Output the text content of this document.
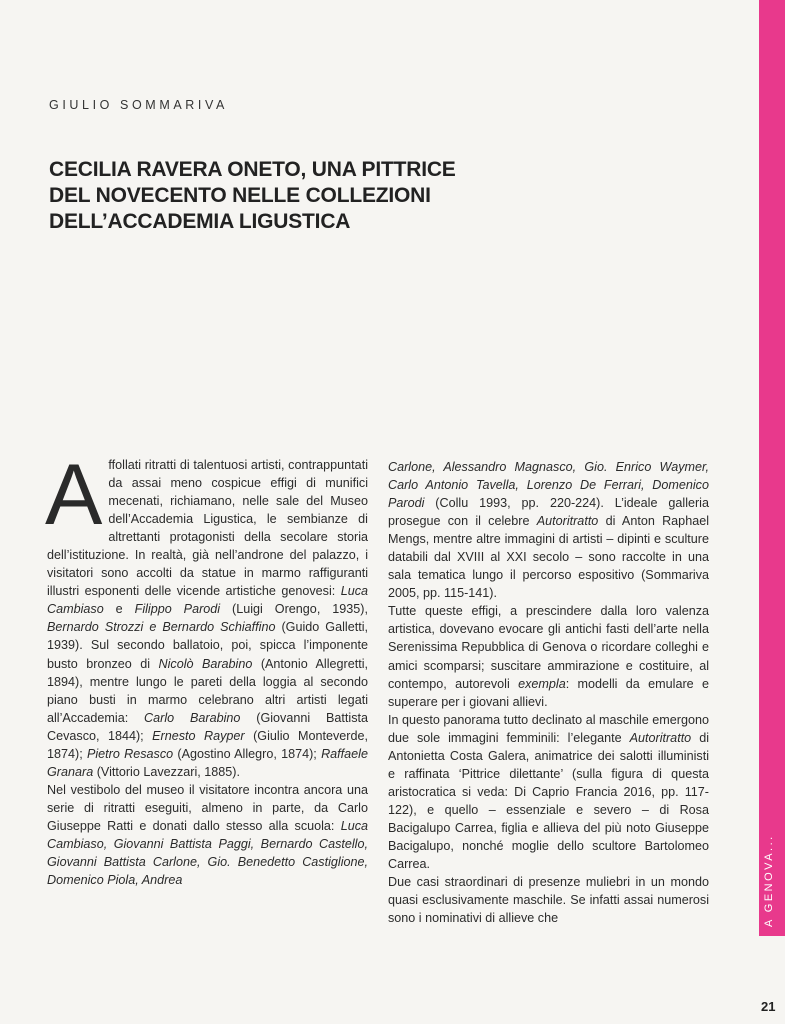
GIULIO SOMMARIVA
CECILIA RAVERA ONETO, UNA PITTRICE
DEL NOVECENTO NELLE COLLEZIONI
DELL’ACCADEMIA LIGUSTICA

Affollati ritratti di talentuosi artisti, contrappuntati da assai meno cospicue effigi di munifici mecenati, richiamano, nelle sale del Museo dell’Accademia Ligustica, le sembianze di altrettanti protagonisti della secolare storia dell’istituzione. In realtà, già nell’androne del palazzo, i visitatori sono accolti da statue in marmo raffiguranti illustri esponenti delle vicende artistiche genovesi: Luca Cambiaso e Filippo Parodi (Luigi Orengo, 1935), Bernardo Strozzi e Bernardo Schiaffino (Guido Galletti, 1939). Sul secondo ballatoio, poi, spicca l’imponente busto bronzeo di Nicolò Barabino (Antonio Allegretti, 1894), mentre lungo le pareti della loggia al secondo piano busti in marmo celebrano altri artisti legati all’Accademia: Carlo Barabino (Giovanni Battista Cevasco, 1844); Ernesto Rayper (Giulio Monteverde, 1874); Pietro Resasco (Agostino Allegro, 1874); Raffaele Granara (Vittorio Lavezzari, 1885).

Nel vestibolo del museo il visitatore incontra ancora una serie di ritratti eseguiti, almeno in parte, da Carlo Giuseppe Ratti e donati dallo stesso alla scuola: Luca Cambiaso, Giovanni Battista Paggi, Bernardo Castello, Giovanni Battista Carlone, Gio. Benedetto Castiglione, Domenico Piola, Andrea

Carlone, Alessandro Magnasco, Gio. Enrico Waymer, Carlo Antonio Tavella, Lorenzo De Ferrari, Domenico Parodi (Collu 1993, pp. 220-224). L’ideale galleria prosegue con il celebre Autoritratto di Anton Raphael Mengs, mentre altre immagini di artisti – dipinti e sculture databili dal XVIII al XXI secolo – sono raccolte in una sala tematica lungo il percorso espositivo (Sommariva 2005, pp. 115-141).

Tutte queste effigi, a prescindere dalla loro valenza artistica, dovevano evocare gli antichi fasti dell’arte nella Serenissima Repubblica di Genova o ricordare colleghi e amici scomparsi; suscitare ammirazione e costituire, al contempo, autorevoli exempla: modelli da emulare e superare per i giovani allievi.

In questo panorama tutto declinato al maschile emergono due sole immagini femminili: l’elegante Autoritratto di Antonietta Costa Galera, animatrice dei salotti illuministi e raffinata ‘Pittrice dilettante’ (sulla figura di questa aristocratica si veda: Di Caprio Francia 2016, pp. 117-122), e quello – essenziale e severo – di Rosa Bacigalupo Carrea, figlia e allieva del più noto Giuseppe Bacigalupo, nonché moglie dello scultore Bartolomeo Carrea.

Due casi straordinari di presenze muliebri in un mondo quasi esclusivamente maschile. Se infatti assai numerosi sono i nominativi di allieve che	A GENOVA...
21
